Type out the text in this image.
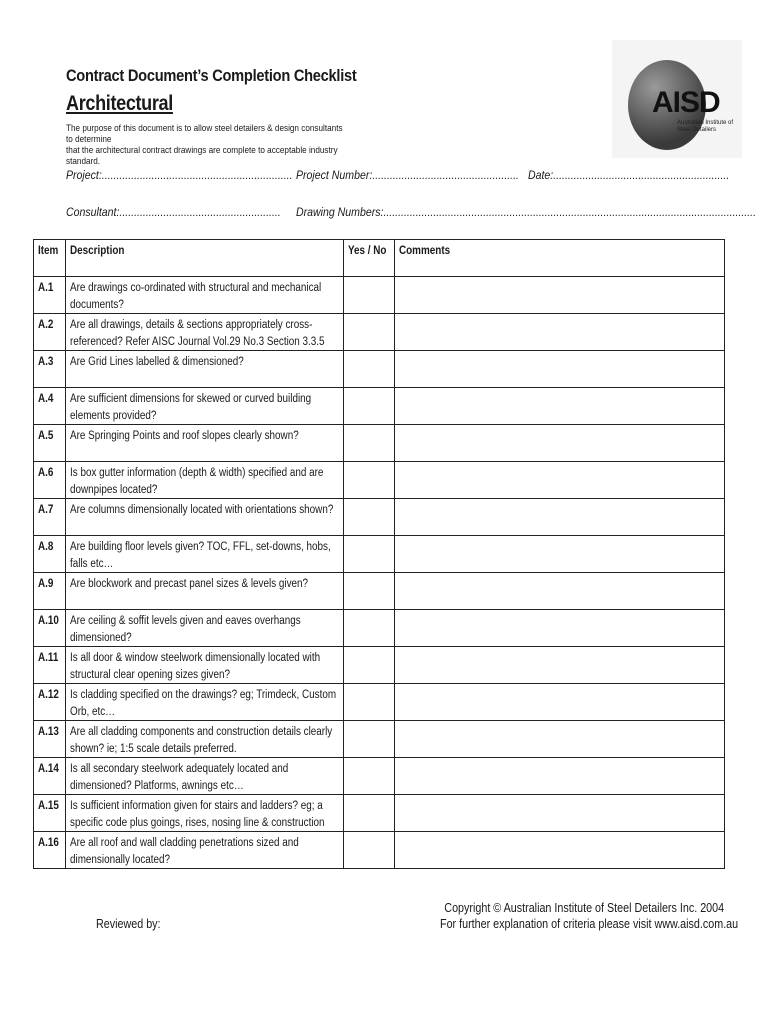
Contract Document’s Completion Checklist
Architectural
The purpose of this document is to allow steel detailers & design consultants to determine
that the architectural contract drawings are complete to acceptable industry standard.
AISD
Australian Institute of
Steel Detailers
Project:................................................................. Project Number:.................................................. Date:............................................................
Consultant:....................................................... Drawing Numbers:...............................................................................................................................
Item	Description	Yes / No	Comments
A.1	Are drawings co-ordinated with structural and mechanical documents?
A.2	Are all drawings, details & sections appropriately cross-referenced? Refer AISC Journal Vol.29 No.3 Section 3.3.5
A.3	Are Grid Lines labelled & dimensioned?
A.4	Are sufficient dimensions for skewed or curved building elements provided?
A.5	Are Springing Points and roof slopes clearly shown?
A.6	Is box gutter information (depth & width) specified and are downpipes located?
A.7	Are columns dimensionally located with orientations shown?
A.8	Are building floor levels given? TOC, FFL, set-downs, hobs, falls etc…
A.9	Are blockwork and precast panel sizes & levels given?
A.10 Are ceiling & soffit levels given and eaves overhangs dimensioned?
A.11	Is all door & window steelwork dimensionally located with structural clear opening sizes given?
A.12 Is cladding specified on the drawings? eg; Trimdeck, Custom Orb, etc…
A.13 Are all cladding components and construction details clearly shown? ie; 1:5 scale details preferred.
A.14 Is all secondary steelwork adequately located and dimensioned? Platforms, awnings etc…
A.15 Is sufficient information given for stairs and ladders? eg; a specific code plus goings, rises, nosing line & construction
A.16 Are all roof and wall cladding penetrations sized and dimensionally located?
Reviewed by:
Copyright © Australian Institute of Steel Detailers Inc. 2004
For further explanation of criteria please visit www.aisd.com.au
